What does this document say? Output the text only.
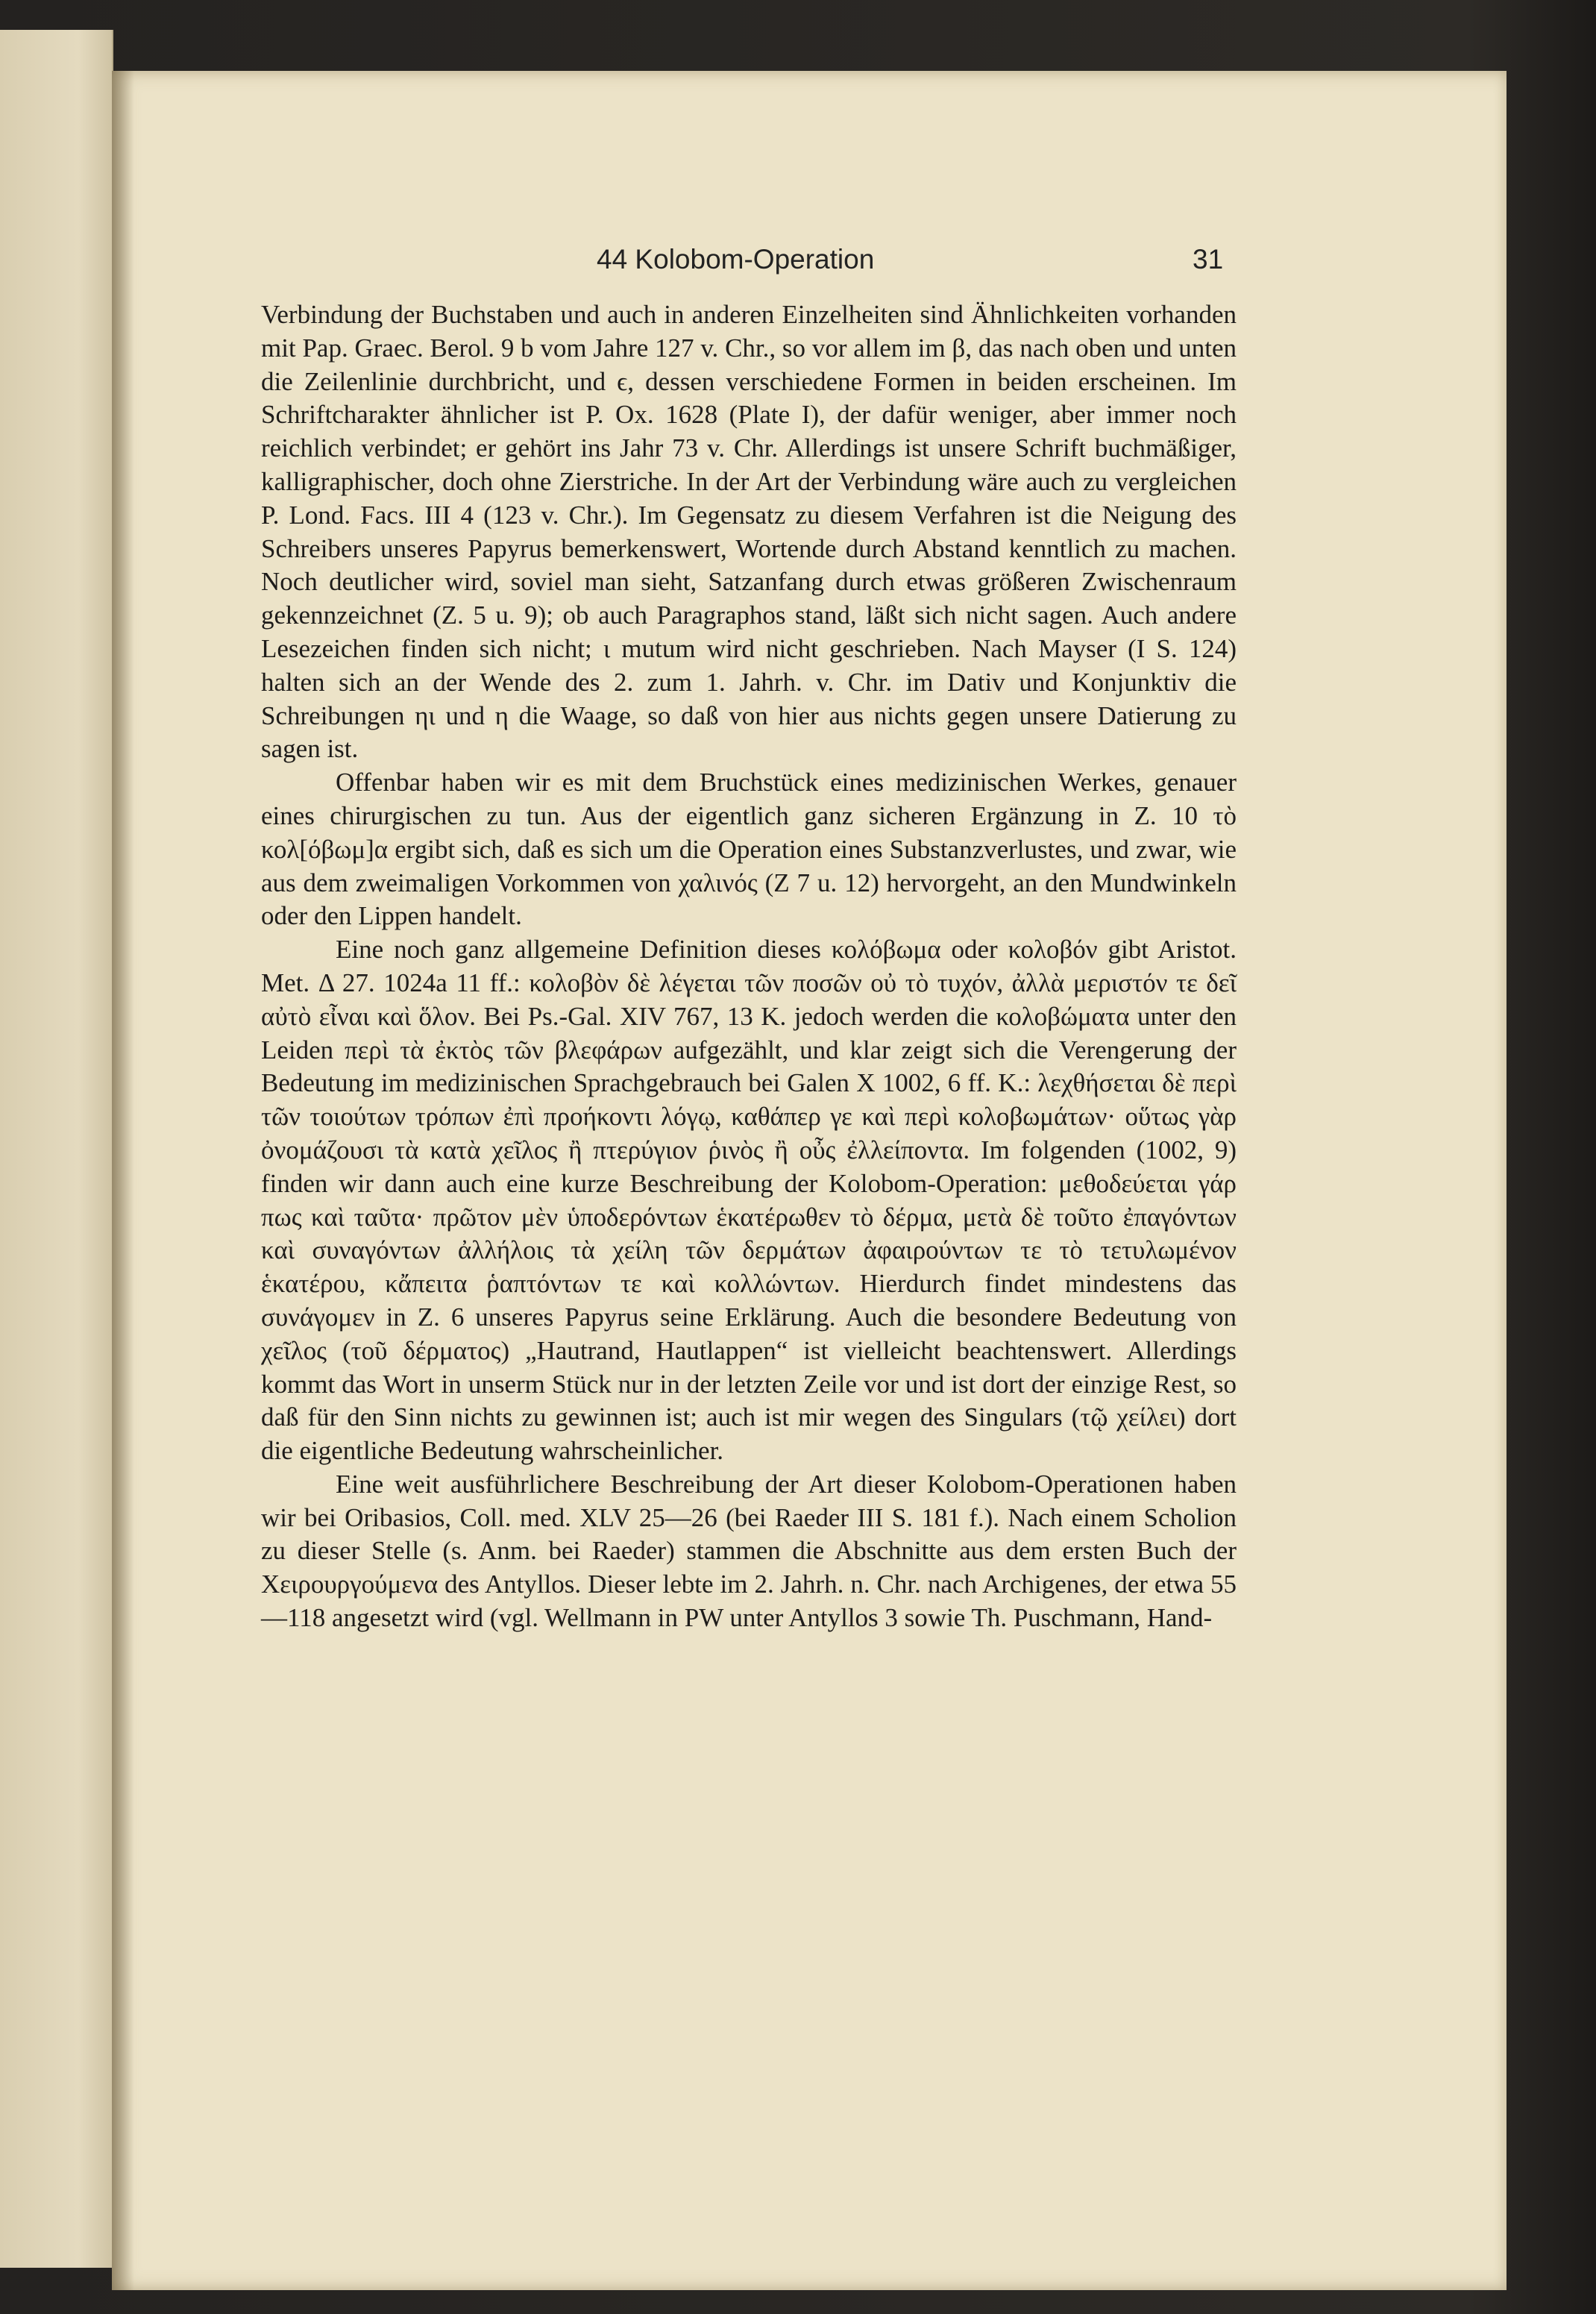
44 Kolobom-Operation	31

Verbindung der Buchstaben und auch in anderen Einzelheiten sind Ähnlichkeiten vorhanden mit Pap. Graec. Berol. 9 b vom Jahre 127 v. Chr., so vor allem im β, das nach oben und unten die Zeilenlinie durchbricht, und ϵ, dessen verschiedene Formen in beiden erscheinen. Im Schriftcharakter ähnlicher ist P. Ox. 1628 (Plate I), der dafür weniger, aber immer noch reichlich verbindet; er gehört ins Jahr 73 v. Chr. Allerdings ist unsere Schrift buchmäßiger, kalligraphischer, doch ohne Zierstriche. In der Art der Verbindung wäre auch zu vergleichen P. Lond. Facs. III 4 (123 v. Chr.). Im Gegensatz zu diesem Verfahren ist die Neigung des Schreibers unseres Papyrus bemerkenswert, Wortende durch Abstand kenntlich zu machen. Noch deutlicher wird, soviel man sieht, Satzanfang durch etwas größeren Zwischenraum gekennzeichnet (Z. 5 u. 9); ob auch Paragraphos stand, läßt sich nicht sagen. Auch andere Lesezeichen finden sich nicht; ι mutum wird nicht geschrieben. Nach Mayser (I S. 124) halten sich an der Wende des 2. zum 1. Jahrh. v. Chr. im Dativ und Konjunktiv die Schreibungen ηι und η die Waage, so daß von hier aus nichts gegen unsere Datierung zu sagen ist.

Offenbar haben wir es mit dem Bruchstück eines medizinischen Werkes, genauer eines chirurgischen zu tun. Aus der eigentlich ganz sicheren Ergänzung in Z. 10 τὸ κολ[όβωμ]α ergibt sich, daß es sich um die Operation eines Substanzverlustes, und zwar, wie aus dem zweimaligen Vorkommen von χαλινός (Z 7 u. 12) hervorgeht, an den Mundwinkeln oder den Lippen handelt.

Eine noch ganz allgemeine Definition dieses κολόβωμα oder κολοβόν gibt Aristot. Met. Δ 27. 1024a 11 ff.: κολοβὸν δὲ λέγεται τῶν ποσῶν οὐ τὸ τυχόν, ἀλλὰ μεριστόν τε δεῖ αὐτὸ εἶναι καὶ ὅλον. Bei Ps.-Gal. XIV 767, 13 K. jedoch werden die κολοβώματα unter den Leiden περὶ τὰ ἐκτὸς τῶν βλεφάρων aufgezählt, und klar zeigt sich die Verengerung der Bedeutung im medizinischen Sprachgebrauch bei Galen X 1002, 6 ff. K.: λεχθήσεται δὲ περὶ τῶν τοιούτων τρόπων ἐπὶ προήκοντι λόγῳ, καθάπερ γε καὶ περὶ κολοβωμάτων· οὕτως γὰρ ὀνομάζουσι τὰ κατὰ χεῖλος ἢ πτερύγιον ῥινὸς ἢ οὖς ἐλλείποντα. Im folgenden (1002, 9) finden wir dann auch eine kurze Beschreibung der Kolobom-Operation: μεθοδεύεται γάρ πως καὶ ταῦτα· πρῶτον μὲν ὑποδερόντων ἑκατέρωθεν τὸ δέρμα, μετὰ δὲ τοῦτο ἐπαγόντων καὶ συναγόντων ἀλλήλοις τὰ χείλη τῶν δερμάτων ἀφαιρούντων τε τὸ τετυλωμένον ἑκατέρου, κἄπειτα ῥαπτόντων τε καὶ κολλώντων. Hierdurch findet mindestens das συνάγομεν in Z. 6 unseres Papyrus seine Erklärung. Auch die besondere Bedeutung von χεῖλος (τοῦ δέρματος) „Hautrand, Hautlappen“ ist vielleicht beachtenswert. Allerdings kommt das Wort in unserm Stück nur in der letzten Zeile vor und ist dort der einzige Rest, so daß für den Sinn nichts zu gewinnen ist; auch ist mir wegen des Singulars (τῷ χείλει) dort die eigentliche Bedeutung wahrscheinlicher.

Eine weit ausführlichere Beschreibung der Art dieser Kolobom-Operationen haben wir bei Oribasios, Coll. med. XLV 25—26 (bei Raeder III S. 181 f.). Nach einem Scholion zu dieser Stelle (s. Anm. bei Raeder) stammen die Abschnitte aus dem ersten Buch der Χειρουργούμενα des Antyllos. Dieser lebte im 2. Jahrh. n. Chr. nach Archigenes, der etwa 55—118 angesetzt wird (vgl. Wellmann in PW unter Antyllos 3 sowie Th. Puschmann, Hand-
